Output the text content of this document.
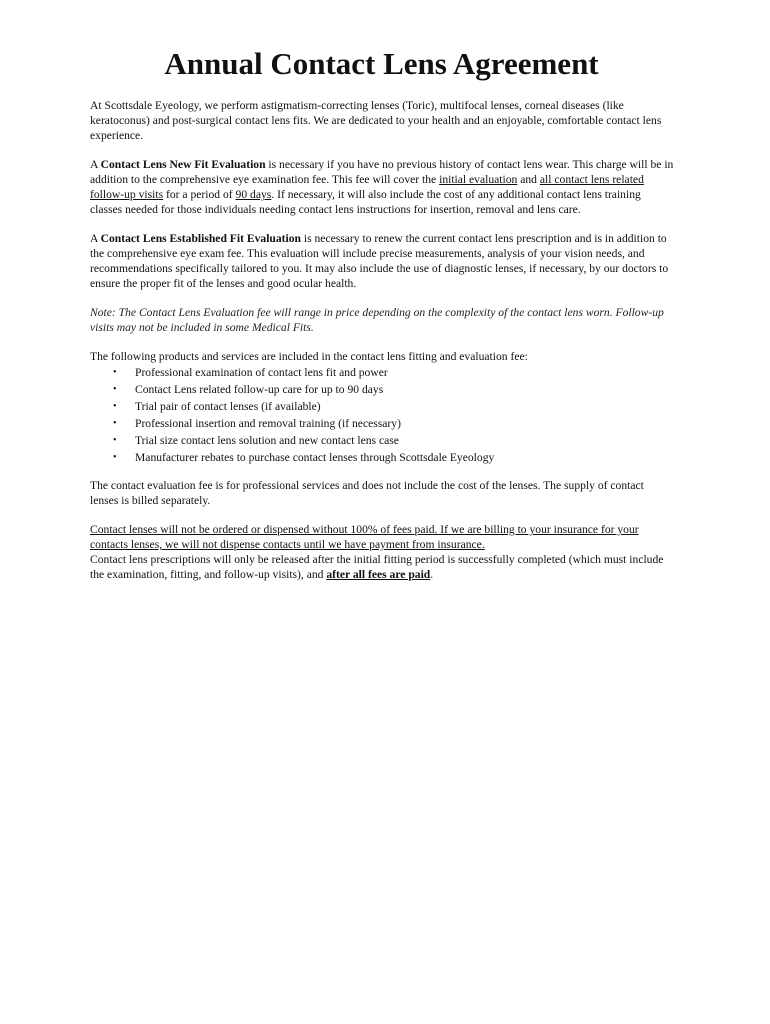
Annual Contact Lens Agreement

At Scottsdale Eyeology, we perform astigmatism-correcting lenses (Toric), multifocal lenses, corneal diseases (like keratoconus) and post-surgical contact lens fits. We are dedicated to your health and an enjoyable, comfortable contact lens experience.

A Contact Lens New Fit Evaluation is necessary if you have no previous history of contact lens wear. This charge will be in addition to the comprehensive eye examination fee. This fee will cover the initial evaluation and all contact lens related follow-up visits for a period of 90 days. If necessary, it will also include the cost of any additional contact lens training classes needed for those individuals needing contact lens instructions for insertion, removal and lens care.

A Contact Lens Established Fit Evaluation is necessary to renew the current contact lens prescription and is in addition to the comprehensive eye exam fee. This evaluation will include precise measurements, analysis of your vision needs, and recommendations specifically tailored to you. It may also include the use of diagnostic lenses, if necessary, by our doctors to ensure the proper fit of the lenses and good ocular health.

Note: The Contact Lens Evaluation fee will range in price depending on the complexity of the contact lens worn. Follow-up visits may not be included in some Medical Fits.

The following products and services are included in the contact lens fitting and evaluation fee:

• Professional examination of contact lens fit and power
• Contact Lens related follow-up care for up to 90 days
• Trial pair of contact lenses (if available)
• Professional insertion and removal training (if necessary)
• Trial size contact lens solution and new contact lens case
• Manufacturer rebates to purchase contact lenses through Scottsdale Eyeology

The contact evaluation fee is for professional services and does not include the cost of the lenses. The supply of contact lenses is billed separately.

Contact lenses will not be ordered or dispensed without 100% of fees paid. If we are billing to your insurance for your contacts lenses, we will not dispense contacts until we have payment from insurance.

Contact lens prescriptions will only be released after the initial fitting period is successfully completed (which must include the examination, fitting, and follow-up visits), and after all fees are paid.
